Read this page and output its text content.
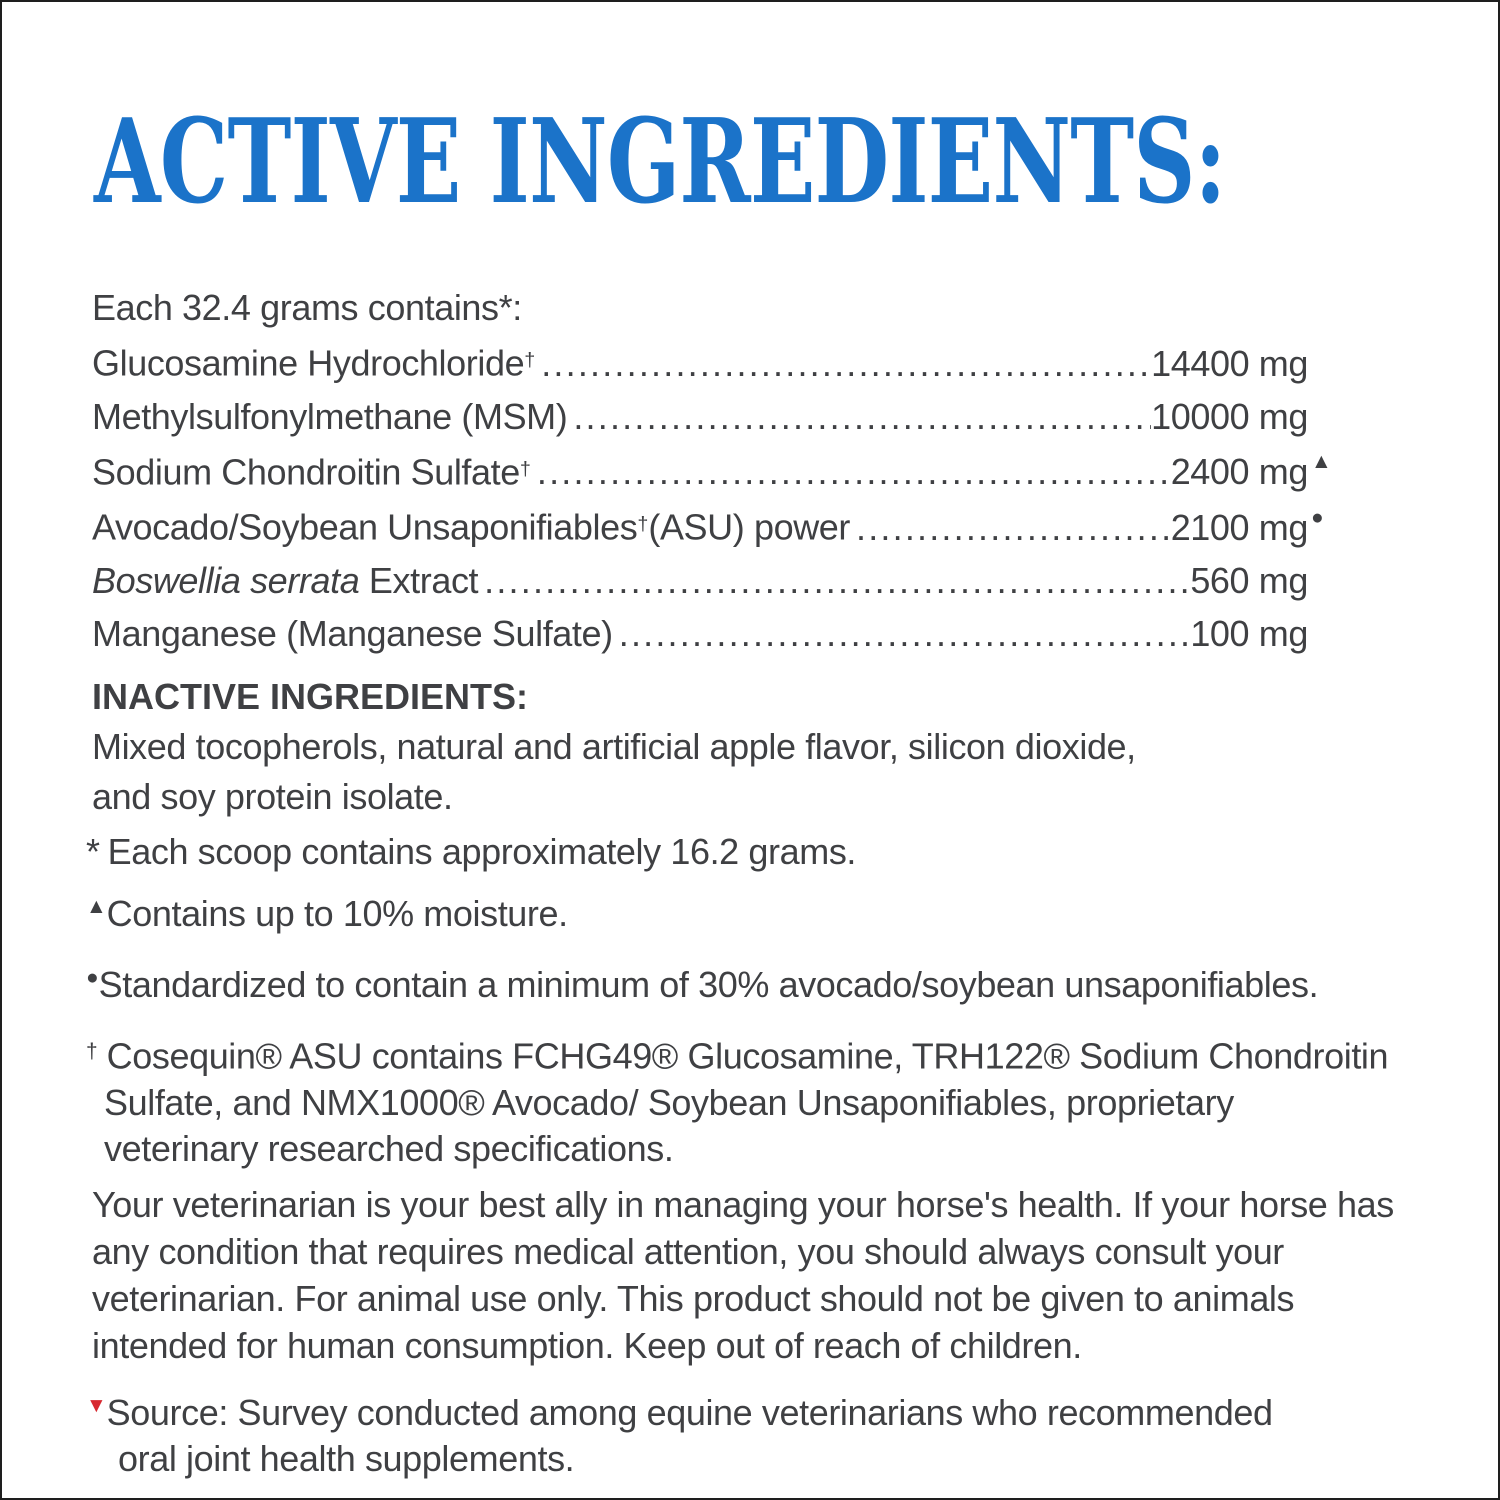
ACTIVE INGREDIENTS:

Each 32.4 grams contains*:

Glucosamine Hydrochloride† .....	14400 mg
Methylsulfonylmethane (MSM) .....	10000 mg
Sodium Chondroitin Sulfate† .....	2400 mg ▲
Avocado/Soybean Unsaponifiables†(ASU) power .....	2100 mg ●
Boswellia serrata Extract .....	560 mg
Manganese (Manganese Sulfate) .....	100 mg
INACTIVE INGREDIENTS:
Mixed tocopherols, natural and artificial apple flavor, silicon dioxide,
and soy protein isolate.
* Each scoop contains approximately 16.2 grams.
▲Contains up to 10% moisture.
●Standardized to contain a minimum of 30% avocado/soybean unsaponifiables.
† Cosequin® ASU contains FCHG49® Glucosamine, TRH122® Sodium Chondroitin
Sulfate, and NMX1000® Avocado/ Soybean Unsaponifiables, proprietary
veterinary researched specifications.
Your veterinarian is your best ally in managing your horse's health. If your horse has
any condition that requires medical attention, you should always consult your
veterinarian. For animal use only. This product should not be given to animals
intended for human consumption. Keep out of reach of children.
▼Source: Survey conducted among equine veterinarians who recommended
oral joint health supplements.
